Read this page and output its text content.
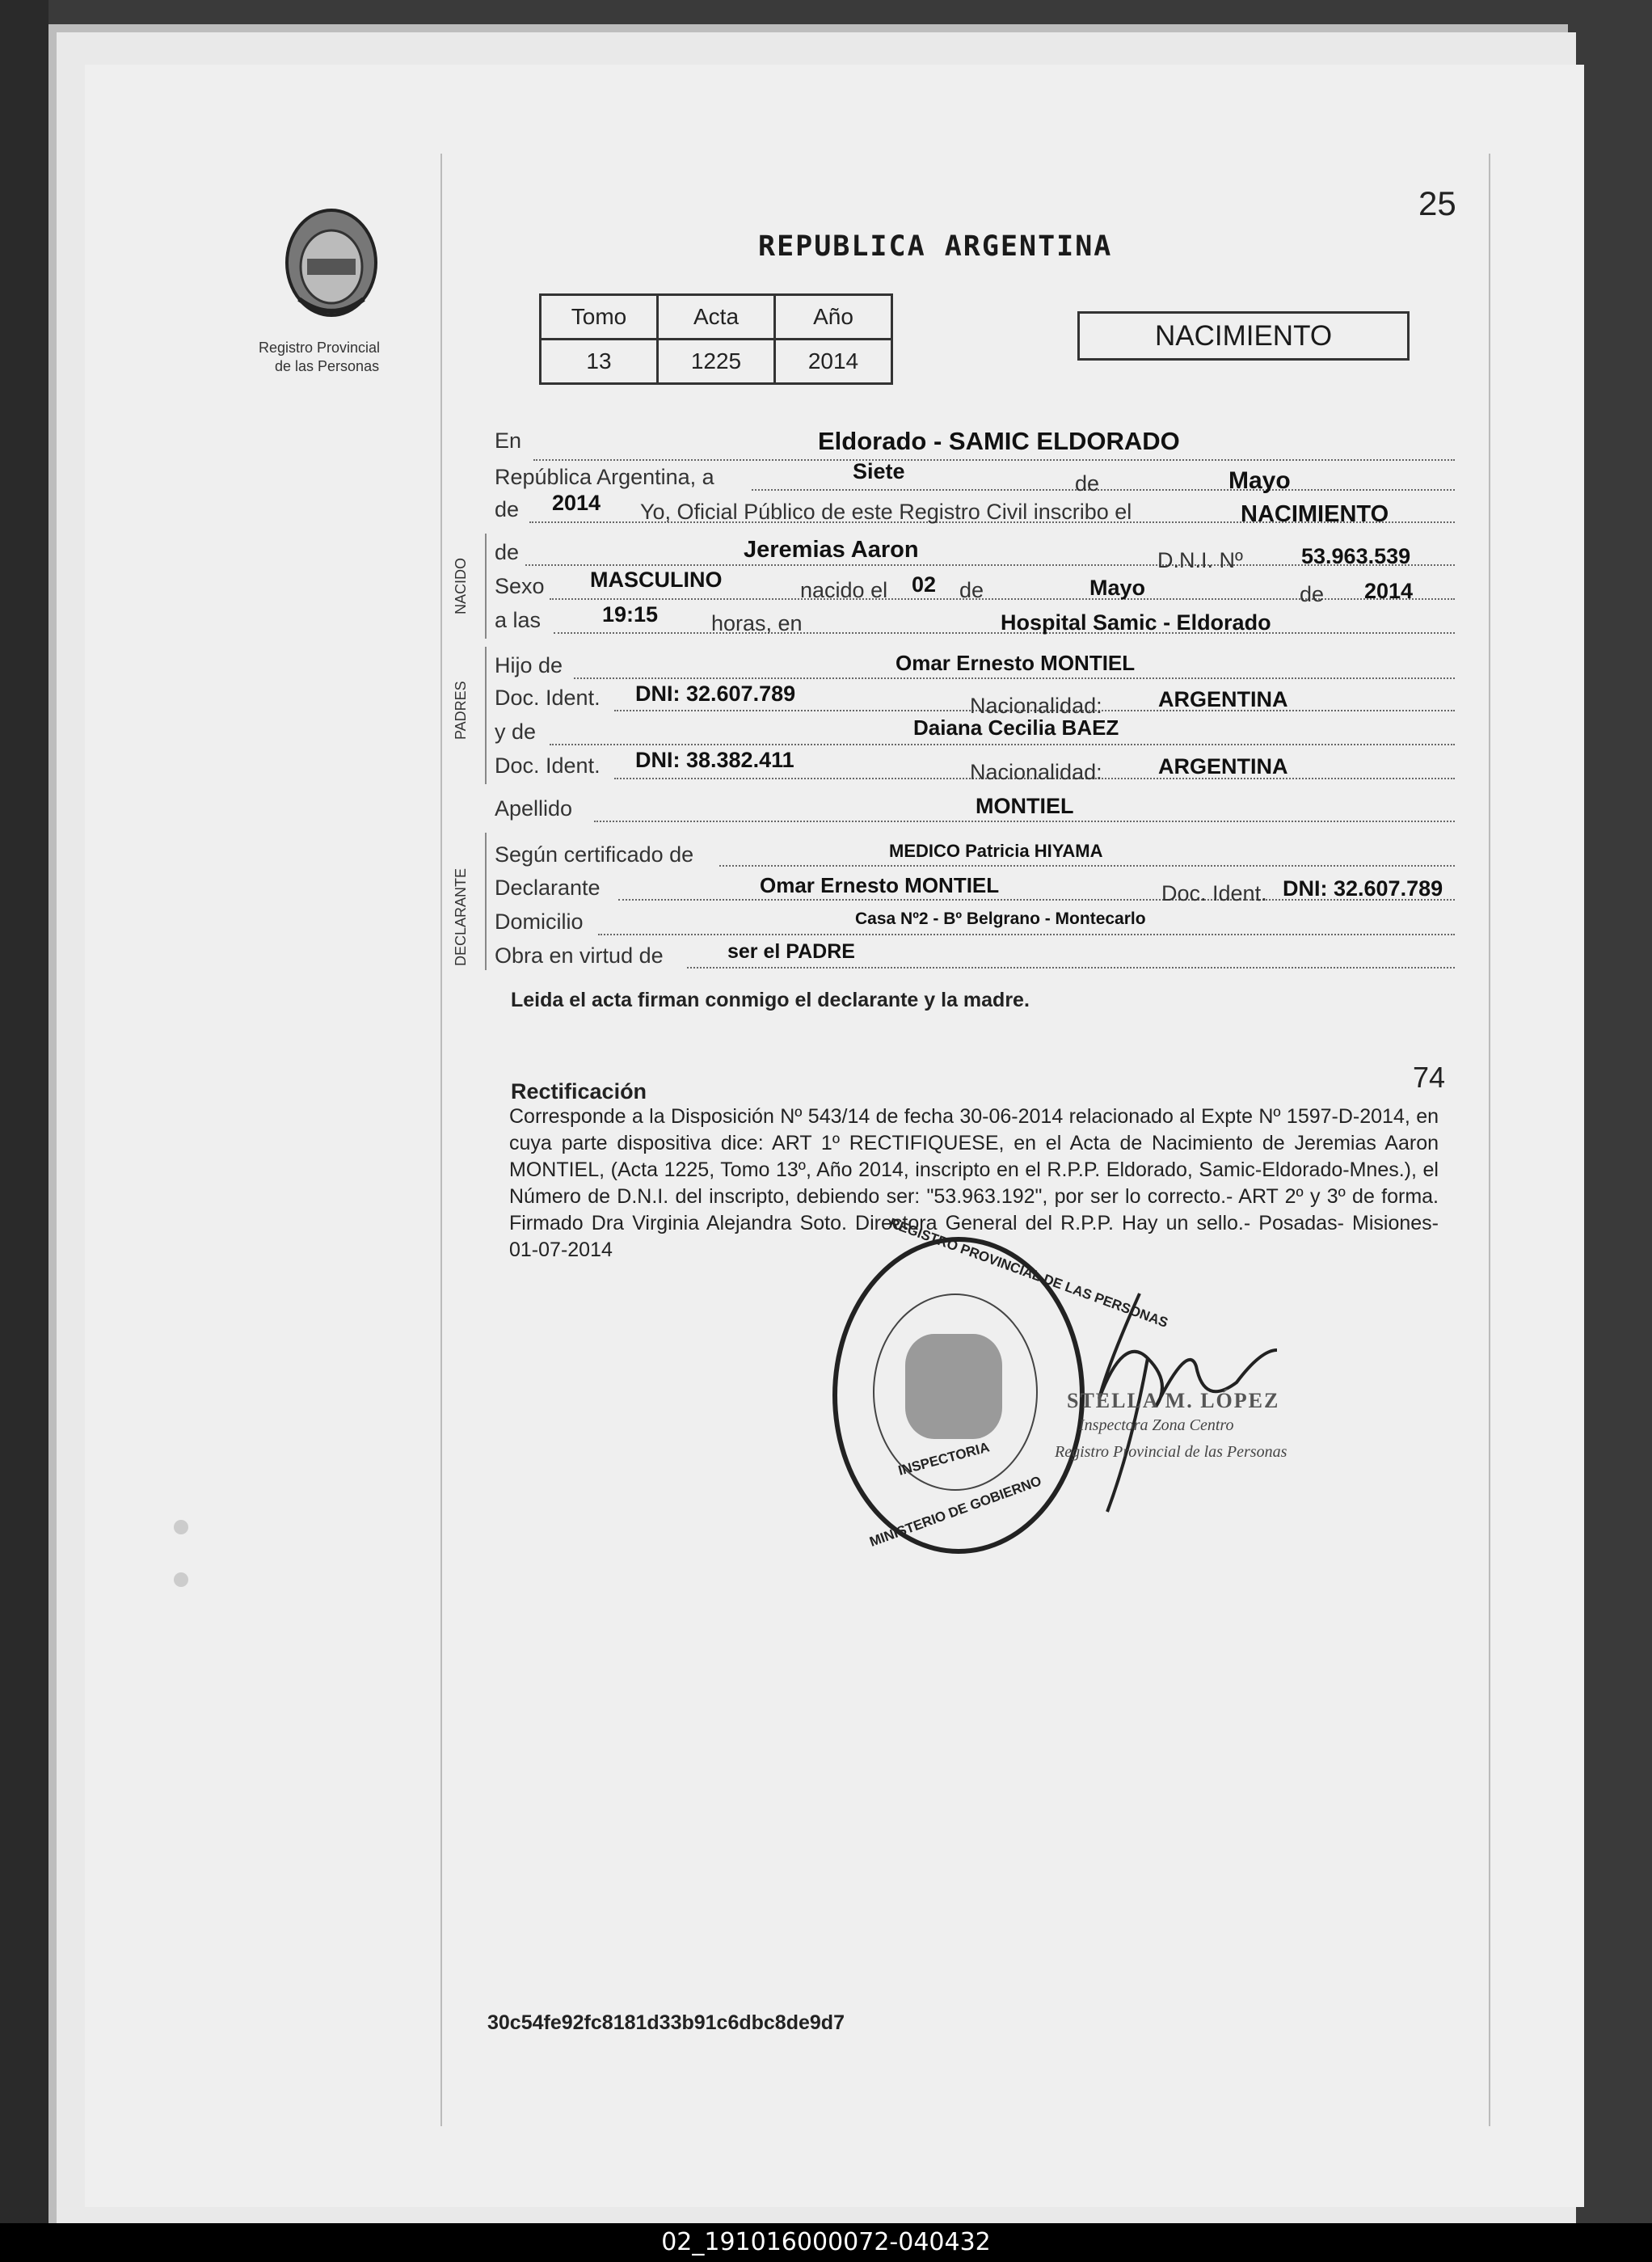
Registro Provincial
de las Personas
25
REPUBLICA ARGENTINA
Tomo	Acta	Año
13	1225	2014
NACIMIENTO
En	Eldorado - SAMIC ELDORADO
República Argentina, a	Siete	de	Mayo
de 2014 Yo, Oficial Público de este Registro Civil inscribo el	NACIMIENTO
NACIDO
de	Jeremias Aaron	D.N.I. Nº	53.963.539
Sexo MASCULINO	nacido el 02 de	Mayo	de 2014
a las	19:15 horas, en	Hospital Samic - Eldorado
PADRES
Hijo de	Omar Ernesto MONTIEL
Doc. Ident. DNI: 32.607.789	Nacionalidad:	ARGENTINA
y de	Daiana Cecilia BAEZ
Doc. Ident. DNI: 38.382.411	Nacionalidad:	ARGENTINA
Apellido	MONTIEL
DECLARANTE
Según certificado de	MEDICO Patricia HIYAMA
Declarante	Omar Ernesto MONTIEL	Doc. Ident. DNI: 32.607.789
Domicilio	Casa Nº2 - Bº Belgrano - Montecarlo
Obra en virtud de	ser el PADRE
Leida el acta firman conmigo el declarante y la madre.
74
Rectificación
Corresponde a la Disposición Nº 543/14 de fecha 30-06-2014 relacionado al Expte Nº 1597-D-2014, en cuya parte dispositiva dice: ART 1º RECTIFIQUESE, en el Acta de Nacimiento de Jeremias Aaron MONTIEL, (Acta 1225, Tomo 13º, Año 2014, inscripto en el R.P.P. Eldorado, Samic-Eldorado-Mnes.), el Número de D.N.I. del inscripto, debiendo ser: "53.963.192", por ser lo correcto.- ART 2º y 3º de forma. Firmado Dra Virginia Alejandra Soto. Directora General del R.P.P. Hay un sello.- Posadas- Misiones- 01-07-2014	REGISTRO PROVINCIAL DE LAS PERSONAS
INSPECTORIA
MINISTERIO DE GOBIERNO
STELLA M. LÓPEZ
Inspectora Zona Centro
Registro Provincial de las Personas
30c54fe92fc8181d33b91c6dbc8de9d7
02_191016000072-040432
